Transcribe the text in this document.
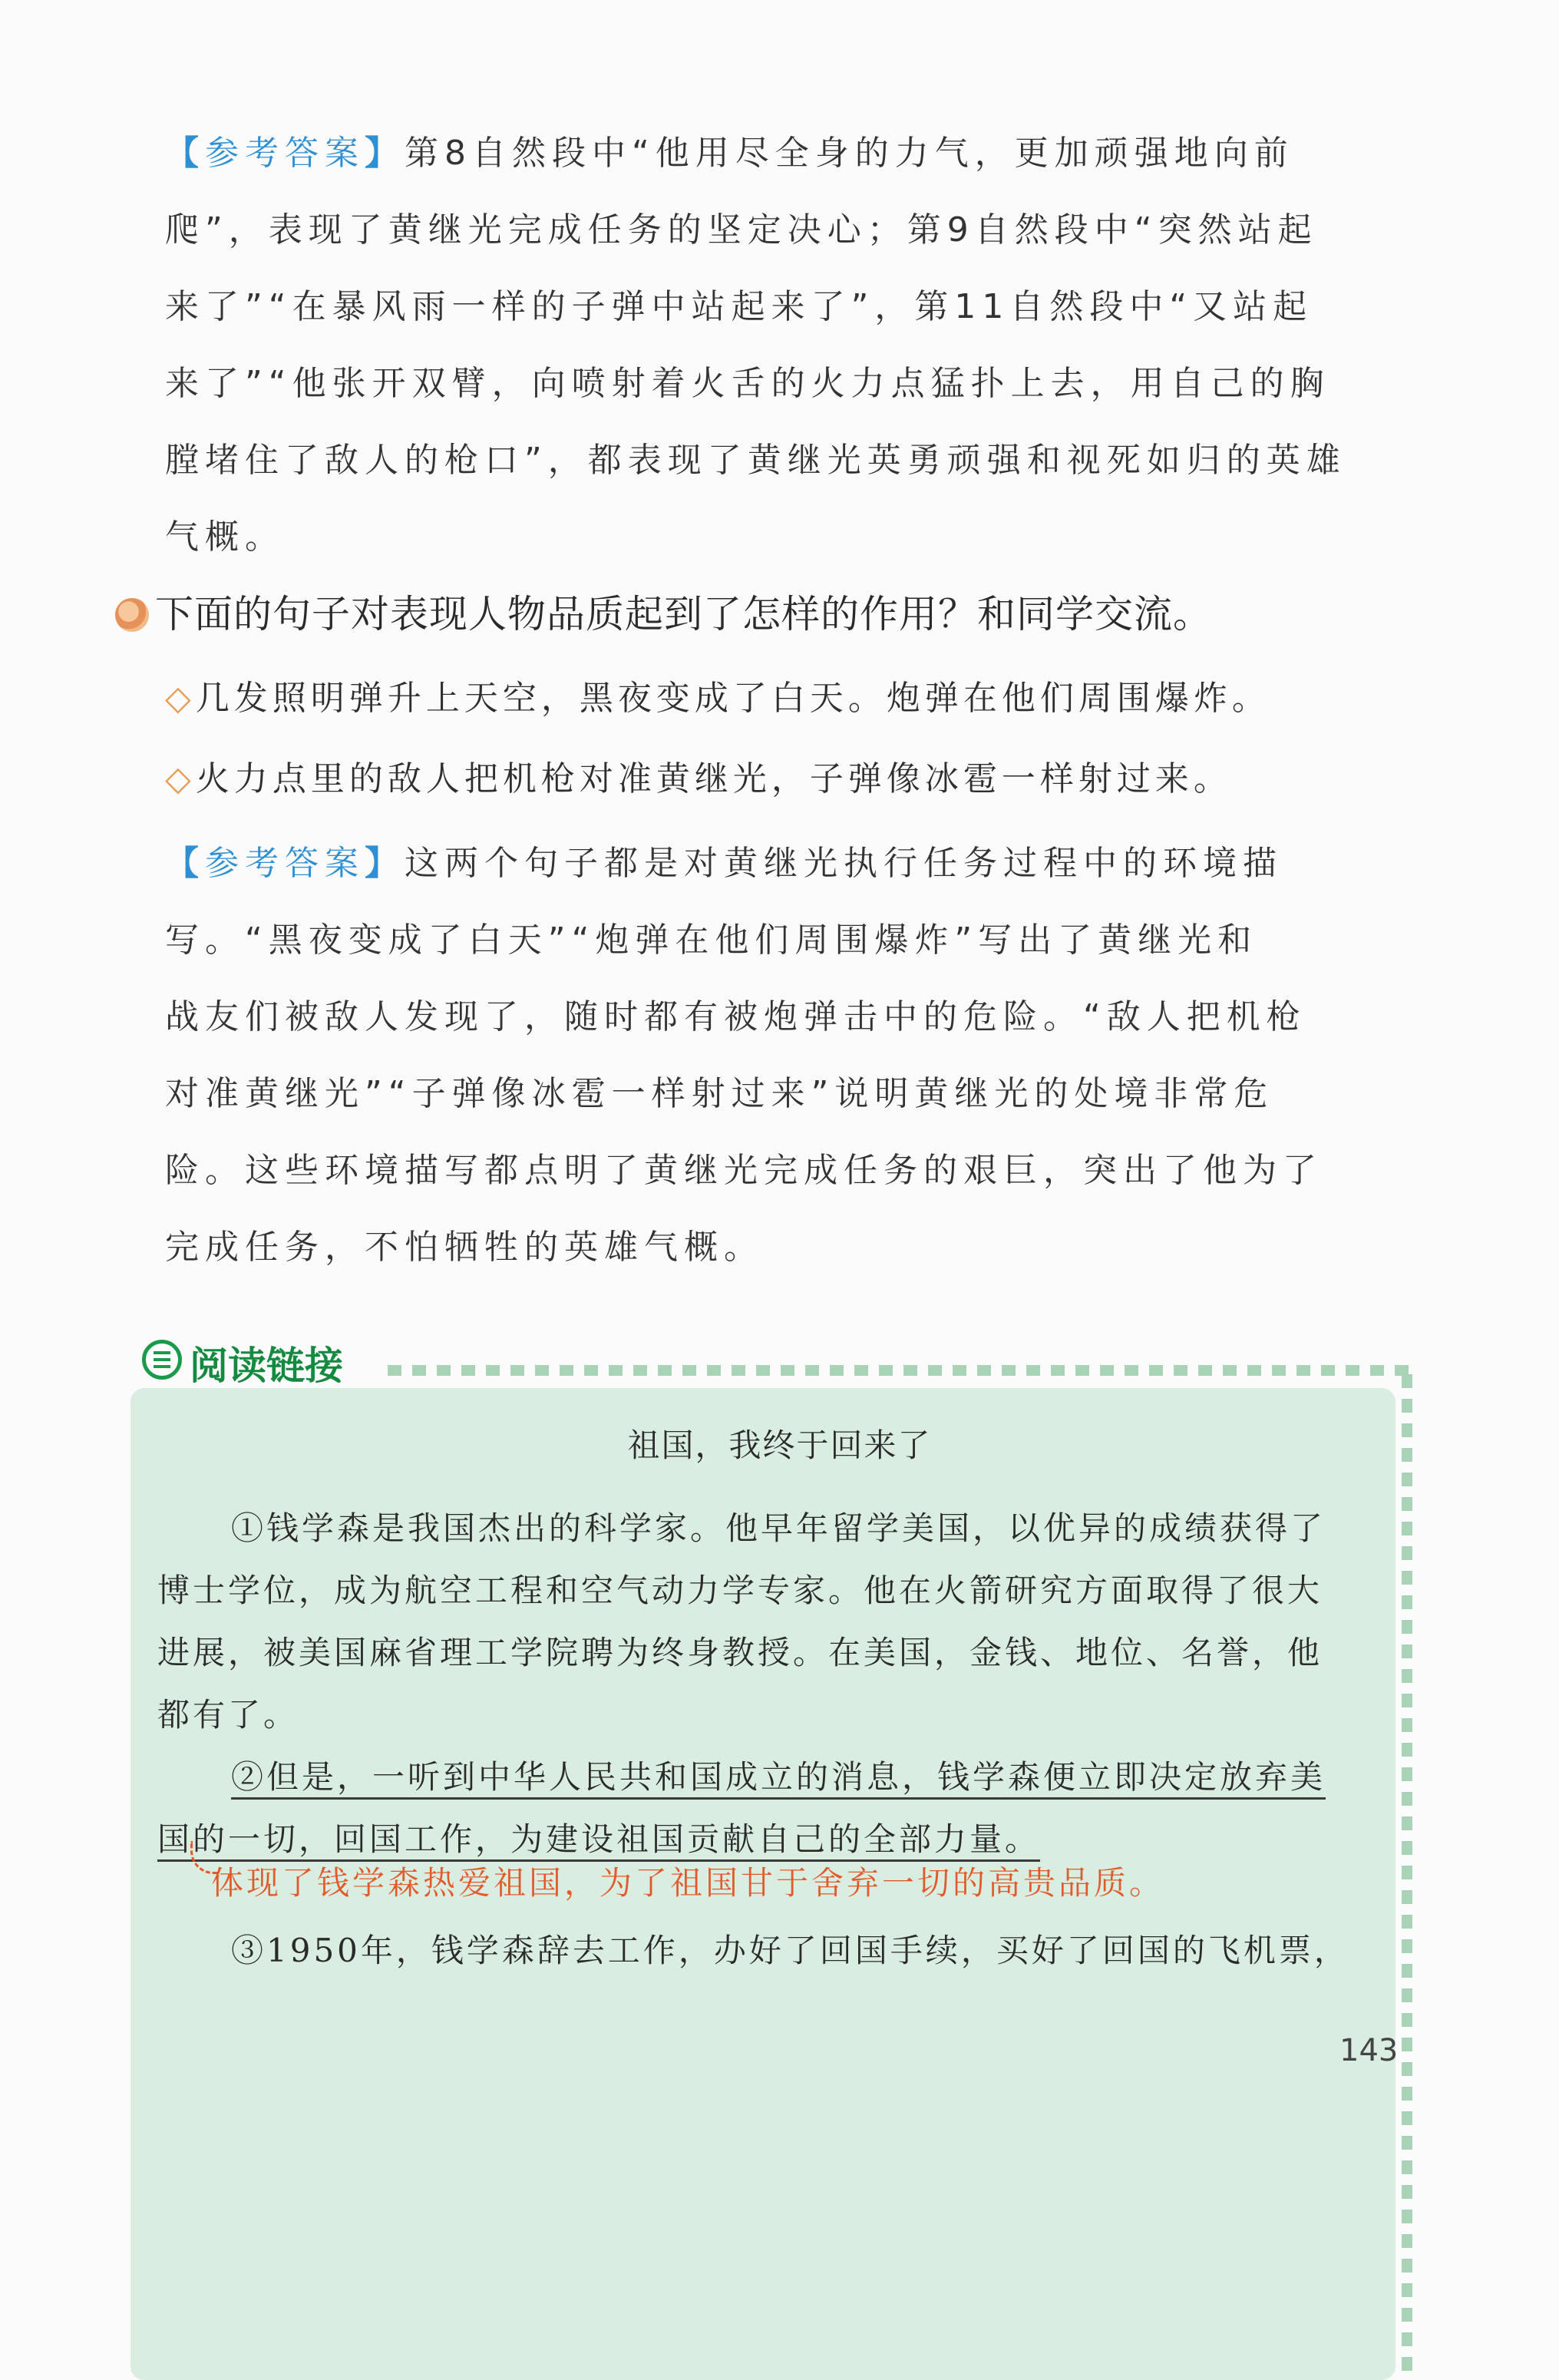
【参考答案】第8自然段中“他用尽全身的力气，更加顽强地向前
爬”，表现了黄继光完成任务的坚定决心；第9自然段中“突然站起
来了”“在暴风雨一样的子弹中站起来了”，第11自然段中“又站起
来了”“他张开双臂，向喷射着火舌的火力点猛扑上去，用自己的胸
膛堵住了敌人的枪口”，都表现了黄继光英勇顽强和视死如归的英雄
气概。
下面的句子对表现人物品质起到了怎样的作用？和同学交流。
◇ 几发照明弹升上天空，黑夜变成了白天。炮弹在他们周围爆炸。
◇ 火力点里的敌人把机枪对准黄继光，子弹像冰雹一样射过来。
【参考答案】这两个句子都是对黄继光执行任务过程中的环境描
写。“黑夜变成了白天”“炮弹在他们周围爆炸”写出了黄继光和
战友们被敌人发现了，随时都有被炮弹击中的危险。“敌人把机枪
对准黄继光”“子弹像冰雹一样射过来”说明黄继光的处境非常危
险。这些环境描写都点明了黄继光完成任务的艰巨，突出了他为了
完成任务，不怕牺牲的英雄气概。
阅读链接
祖国，我终于回来了
①钱学森是我国杰出的科学家。他早年留学美国，以优异的成绩获得了
博士学位，成为航空工程和空气动力学专家。他在火箭研究方面取得了很大
进展，被美国麻省理工学院聘为终身教授。在美国，金钱、地位、名誉，他
都有了。
②但是，一听到中华人民共和国成立的消息，钱学森便立即决定放弃美
国的一切，回国工作，为建设祖国贡献自己的全部力量。
体现了钱学森热爱祖国，为了祖国甘于舍弃一切的高贵品质。
③1950年，钱学森辞去工作，办好了回国手续，买好了回国的飞机票，
143
